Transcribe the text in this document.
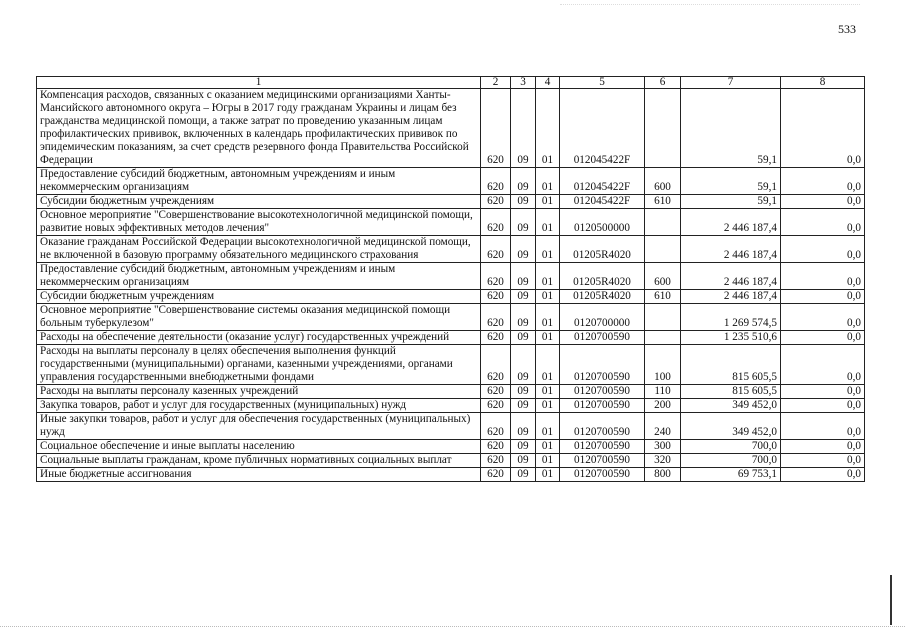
533
1	2	3	4	5	6	7	8
Компенсация расходов, связанных с оказанием медицинскими организациями Ханты-Мансийского автономного округа – Югры в 2017 году гражданам Украины и лицам без гражданства медицинской помощи, а также затрат по проведению указанным лицам профилактических прививок, включенных в календарь профилактических прививок по эпидемическим показаниям, за счет средств резервного фонда Правительства Российской Федерации	620	09	01	012045422F		59,1	0,0
Предоставление субсидий бюджетным, автономным учреждениям и иным некоммерческим организациям	620	09	01	012045422F	600	59,1	0,0
Субсидии бюджетным учреждениям	620	09	01	012045422F	610	59,1	0,0
Основное мероприятие "Совершенствование высокотехнологичной медицинской помощи, развитие новых эффективных методов лечения"	620	09	01	0120500000		2 446 187,4	0,0
Оказание гражданам Российской Федерации высокотехнологичной медицинской помощи, не включенной в базовую программу обязательного медицинского страхования	620	09	01	01205R4020		2 446 187,4	0,0
Предоставление субсидий бюджетным, автономным учреждениям и иным некоммерческим организациям	620	09	01	01205R4020	600	2 446 187,4	0,0
Субсидии бюджетным учреждениям	620	09	01	01205R4020	610	2 446 187,4	0,0
Основное мероприятие "Совершенствование системы оказания медицинской помощи больным туберкулезом"	620	09	01	0120700000		1 269 574,5	0,0
Расходы на обеспечение деятельности (оказание услуг) государственных учреждений	620	09	01	0120700590		1 235 510,6	0,0
Расходы на выплаты персоналу в целях обеспечения выполнения функций государственными (муниципальными) органами, казенными учреждениями, органами управления государственными внебюджетными фондами	620	09	01	0120700590	100	815 605,5	0,0
Расходы на выплаты персоналу казенных учреждений	620	09	01	0120700590	110	815 605,5	0,0
Закупка товаров, работ и услуг для государственных (муниципальных) нужд	620	09	01	0120700590	200	349 452,0	0,0
Иные закупки товаров, работ и услуг для обеспечения государственных (муниципальных) нужд	620	09	01	0120700590	240	349 452,0	0,0
Социальное обеспечение и иные выплаты населению	620	09	01	0120700590	300	700,0	0,0
Социальные выплаты гражданам, кроме публичных нормативных социальных выплат	620	09	01	0120700590	320	700,0	0,0
Иные бюджетные ассигнования	620	09	01	0120700590	800	69 753,1	0,0
